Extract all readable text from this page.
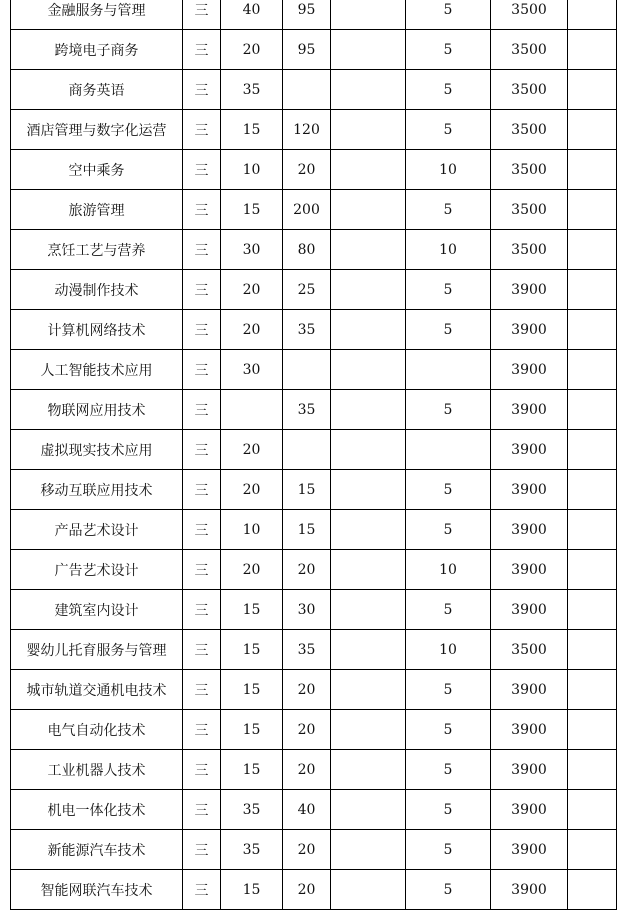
金融服务与管理	三	40	95		5	3500	
跨境电子商务	三	20	95		5	3500	
商务英语	三	35			5	3500	
酒店管理与数字化运营	三	15	120		5	3500	
空中乘务	三	10	20		10	3500	
旅游管理	三	15	200		5	3500	
烹饪工艺与营养	三	30	80		10	3500	
动漫制作技术	三	20	25		5	3900	
计算机网络技术	三	20	35		5	3900	
人工智能技术应用	三	30				3900	
物联网应用技术	三		35		5	3900	
虚拟现实技术应用	三	20				3900	
移动互联应用技术	三	20	15		5	3900	
产品艺术设计	三	10	15		5	3900	
广告艺术设计	三	20	20		10	3900	
建筑室内设计	三	15	30		5	3900	
婴幼儿托育服务与管理	三	15	35		10	3500	
城市轨道交通机电技术	三	15	20		5	3900	
电气自动化技术	三	15	20		5	3900	
工业机器人技术	三	15	20		5	3900	
机电一体化技术	三	35	40		5	3900	
新能源汽车技术	三	35	20		5	3900	
智能网联汽车技术	三	15	20		5	3900	
